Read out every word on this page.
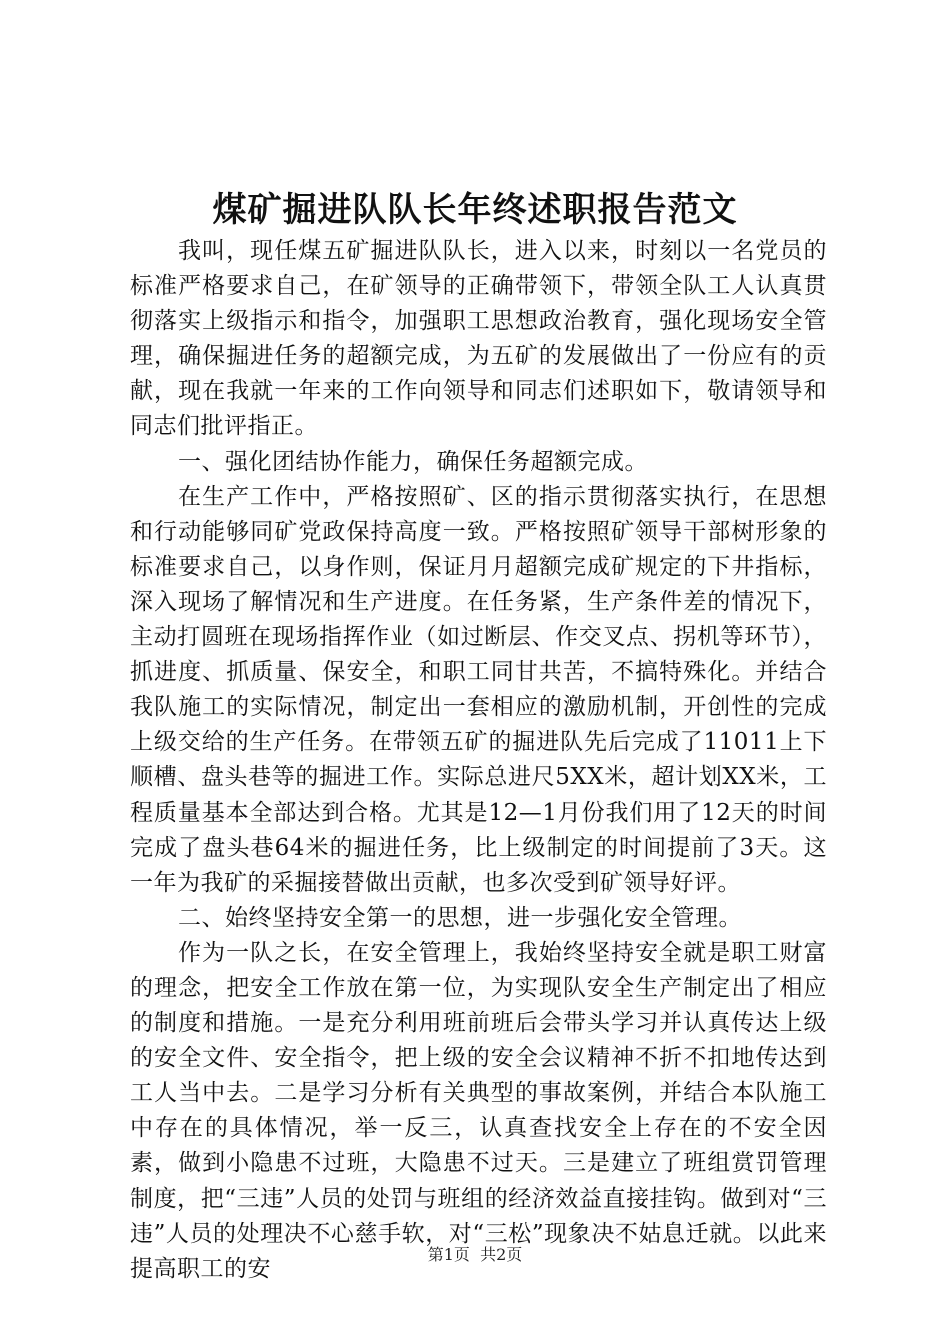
煤矿掘进队队长年终述职报告范文

我叫，现任煤五矿掘进队队长，进入以来，时刻以一名党员的标准严格要求自己，在矿领导的正确带领下，带领全队工人认真贯彻落实上级指示和指令，加强职工思想政治教育，强化现场安全管理，确保掘进任务的超额完成，为五矿的发展做出了一份应有的贡献，现在我就一年来的工作向领导和同志们述职如下，敬请领导和同志们批评指正。

一、强化团结协作能力，确保任务超额完成。

在生产工作中，严格按照矿、区的指示贯彻落实执行，在思想和行动能够同矿党政保持高度一致。严格按照矿领导干部树形象的标准要求自己，以身作则，保证月月超额完成矿规定的下井指标，深入现场了解情况和生产进度。在任务紧，生产条件差的情况下，主动打圆班在现场指挥作业（如过断层、作交叉点、拐机等环节），抓进度、抓质量、保安全，和职工同甘共苦，不搞特殊化。并结合我队施工的实际情况，制定出一套相应的激励机制，开创性的完成上级交给的生产任务。在带领五矿的掘进队先后完成了11011上下顺槽、盘头巷等的掘进工作。实际总进尺5XX米，超计划XX米，工程质量基本全部达到合格。尤其是12—1月份我们用了12天的时间完成了盘头巷64米的掘进任务，比上级制定的时间提前了3天。这一年为我矿的采掘接替做出贡献，也多次受到矿领导好评。

二、始终坚持安全第一的思想，进一步强化安全管理。

作为一队之长，在安全管理上，我始终坚持安全就是职工财富的理念，把安全工作放在第一位，为实现队安全生产制定出了相应的制度和措施。一是充分利用班前班后会带头学习并认真传达上级的安全文件、安全指令，把上级的安全会议精神不折不扣地传达到工人当中去。二是学习分析有关典型的事故案例，并结合本队施工中存在的具体情况，举一反三，认真查找安全上存在的不安全因素，做到小隐患不过班，大隐患不过天。三是建立了班组赏罚管理制度，把“三违”人员的处罚与班组的经济效益直接挂钩。做到对“三违”人员的处理决不心慈手软，对“三松”现象决不姑息迁就。以此来提高职工的安

第1页 共2页
